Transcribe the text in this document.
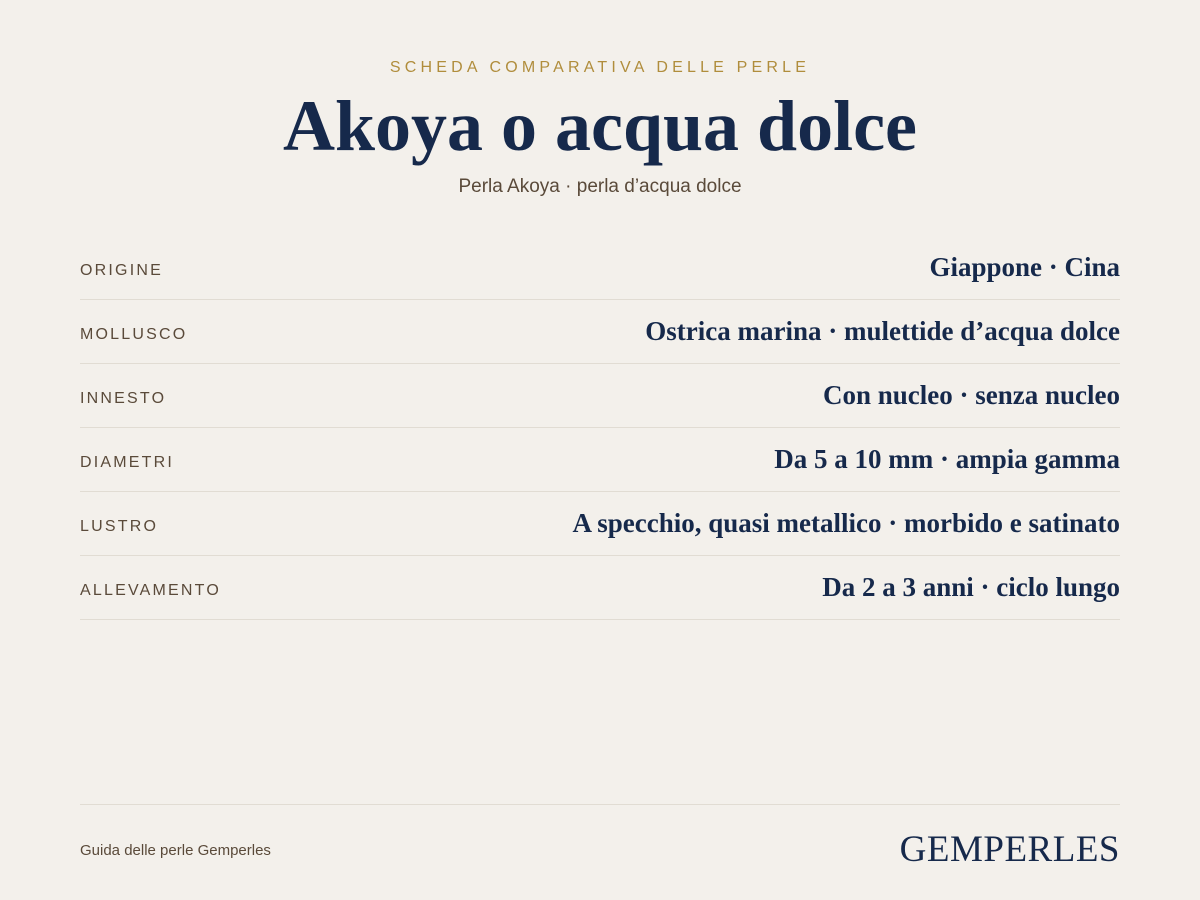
SCHEDA COMPARATIVA DELLE PERLE
Akoya o acqua dolce
Perla Akoya · perla d’acqua dolce
ORIGINE	Giappone · Cina
MOLLUSCO	Ostrica marina · mulettide d’acqua dolce
INNESTO	Con nucleo · senza nucleo
DIAMETRI	Da 5 a 10 mm · ampia gamma
LUSTRO	A specchio, quasi metallico · morbido e satinato
ALLEVAMENTO	Da 2 a 3 anni · ciclo lungo
Guida delle perle Gemperles	GEMPERLES
